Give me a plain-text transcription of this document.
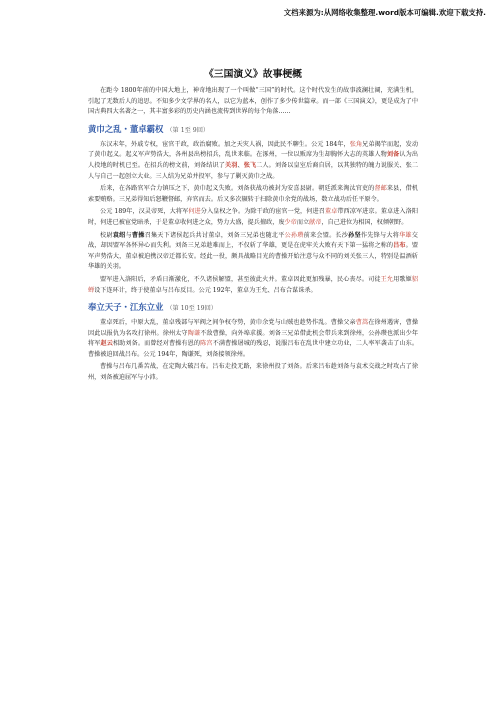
文档来源为:从网络收集整理.word版本可编辑.欢迎下载支持.
《三国演义》故事梗概

在距今 1800年前的中国大地上，神奇地出现了一个叫做“三国”的时代。这个时代发生的故事波澜壮阔，充满生机，引起了无数后人的追思。不知多少文学界的名人，以它为蓝本，创作了多少传世篇章。而一部《三国演义》，更是成为了中国古典四大名著之一，其丰富多彩的历史内涵也流传到世界的每个角落……

黄巾之乱・董卓霸权 （第 1至 9回）

东汉末年，外戚专权，宦官干政，政治腐败。加之天灾人祸，因此民不聊生。公元 184年，张角兄弟揭竿而起，发动了黄巾起义。起义军声势浩大，各州县出榜招兵，乱世来临。在涿州，一位以贩席为生却胸怀大志的英雄人物刘备认为出人投地的时机已至。在招兵的榜文前，刘备结识了关羽、张飞二人。刘备以皇室后裔自居，以其独特的魄力说服关、张二人与自己一起创立大业。三人结为兄弟并投军，参与了剿灭黄巾之战。

后来，在各路官军合力镇压之下，黄巾起义失败。刘备获战功被封为安喜县尉。朝廷派来淘汰官吏的督邮来县，借机索要贿赂。三兄弟得知后怒鞭督邮，弃官而去。后又多次辗转于扫除黄巾余党的战场，数立战功后任平原令。

公元 189年，汉灵帝死，大将军何进分入皇权之争。为除干政的宦官一党，何进召董卓带西凉军进京。董卓进入洛阳时，何进已被宦党暗杀，于是董卓收何进之众，势力大盛，提兵擅政，废少帝而立献帝，自己进位为相国，权倾朝野。

校尉袁绍与曹操召集天下诸侯起兵共讨董卓，刘备三兄弟也随北平公孙瓒前来会盟。长沙孙坚作先锋与大将华雄交战，却因盟军各怀异心而失利。刘备三兄弟趁难而上，不仅斩了华雄，更是在虎牢关大败有天下第一猛将之称的吕布。盟军声势浩大，董卓被迫携汉帝迁都长安。经此一役，颇具战略目光的曹操开始注意与众不同的刘关张三人，特别是温酒斩华雄的关羽。

盟军进入洛阳后，矛盾日渐激化，不久诸侯解盟，甚至彼此火并。董卓因此更加残暴，民心丧尽。司徒王允用歌姬貂蝉设下连环计，终于使董卓与吕布反目。公元 192年，董卓为王允、吕布合谋诛杀。

奉立天子・江东立业 （第 10至 19回）

董卓死后，中原大乱，董卓残部与军阀之间争权夺势，黄巾余党与山贼也趁势作乱。曹操父亲曹嵩在徐州遇害，曹操因此以报仇为名攻打徐州。徐州太守陶谦不敌曹操，向外埠求援。刘备三兄弟借此机会带兵来到徐州，公孙瓒也派出少年将军赵云相助刘备。而曾经对曹操有恩的陈宫不满曹操屠城的残忍，说服吕布在乱世中建立功业，二人率军袭击了山东。曹操被迫回战吕布。公元 194年，陶谦死，刘备接领徐州。

曹操与吕布几番苦战，在定陶大破吕布。吕布走投无路，来徐州投了刘备。后来吕布趁刘备与袁术交战之时攻占了徐州，刘备被迫屈军与小沛。
